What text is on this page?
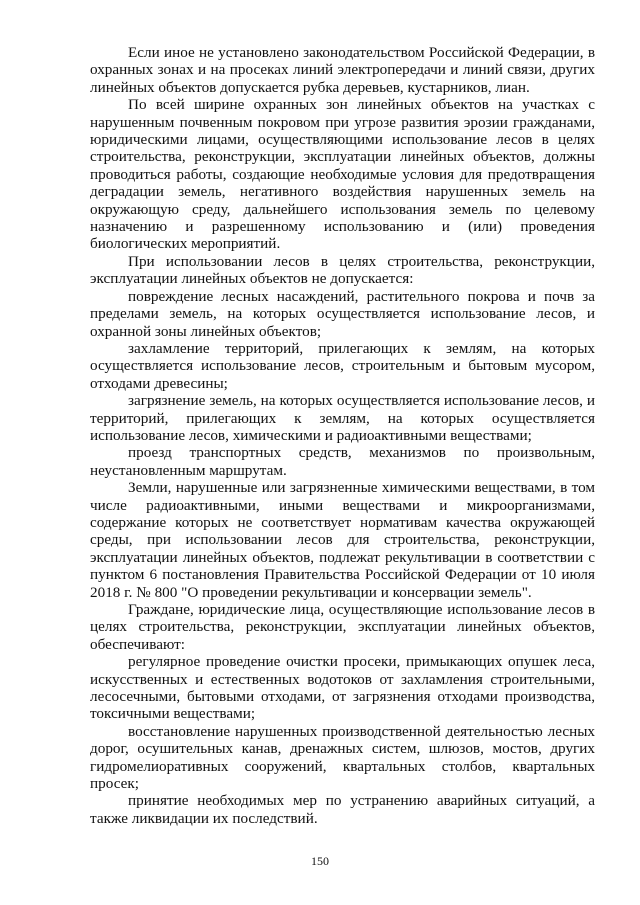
Если иное не установлено законодательством Российской Федерации, в охранных зонах и на просеках линий электропередачи и линий связи, других линейных объектов допускается рубка деревьев, кустарников, лиан.

По всей ширине охранных зон линейных объектов на участках с нарушенным почвенным покровом при угрозе развития эрозии гражданами, юридическими лицами, осуществляющими использование лесов в целях строительства, реконструкции, эксплуатации линейных объектов, должны проводиться работы, создающие необходимые условия для предотвращения деградации земель, негативного воздействия нарушенных земель на окружающую среду, дальнейшего использования земель по целевому назначению и разрешенному использованию и (или) проведения биологических мероприятий.

При использовании лесов в целях строительства, реконструкции, эксплуатации линейных объектов не допускается:

повреждение лесных насаждений, растительного покрова и почв за пределами земель, на которых осуществляется использование лесов, и охранной зоны линейных объектов;

захламление территорий, прилегающих к землям, на которых осуществляется использование лесов, строительным и бытовым мусором, отходами древесины;

загрязнение земель, на которых осуществляется использование лесов, и территорий, прилегающих к землям, на которых осуществляется использование лесов, химическими и радиоактивными веществами;

проезд транспортных средств, механизмов по произвольным, неустановленным маршрутам.

Земли, нарушенные или загрязненные химическими веществами, в том числе радиоактивными, иными веществами и микроорганизмами, содержание которых не соответствует нормативам качества окружающей среды, при использовании лесов для строительства, реконструкции, эксплуатации линейных объектов, подлежат рекультивации в соответствии с пунктом 6 постановления Правительства Российской Федерации от 10 июля 2018 г. № 800 "О проведении рекультивации и консервации земель".

Граждане, юридические лица, осуществляющие использование лесов в целях строительства, реконструкции, эксплуатации линейных объектов, обеспечивают:

регулярное проведение очистки просеки, примыкающих опушек леса, искусственных и естественных водотоков от захламления строительными, лесосечными, бытовыми отходами, от загрязнения отходами производства, токсичными веществами;

восстановление нарушенных производственной деятельностью лесных дорог, осушительных канав, дренажных систем, шлюзов, мостов, других гидромелиоративных сооружений, квартальных столбов, квартальных просек;

принятие необходимых мер по устранению аварийных ситуаций, а также ликвидации их последствий.

150
